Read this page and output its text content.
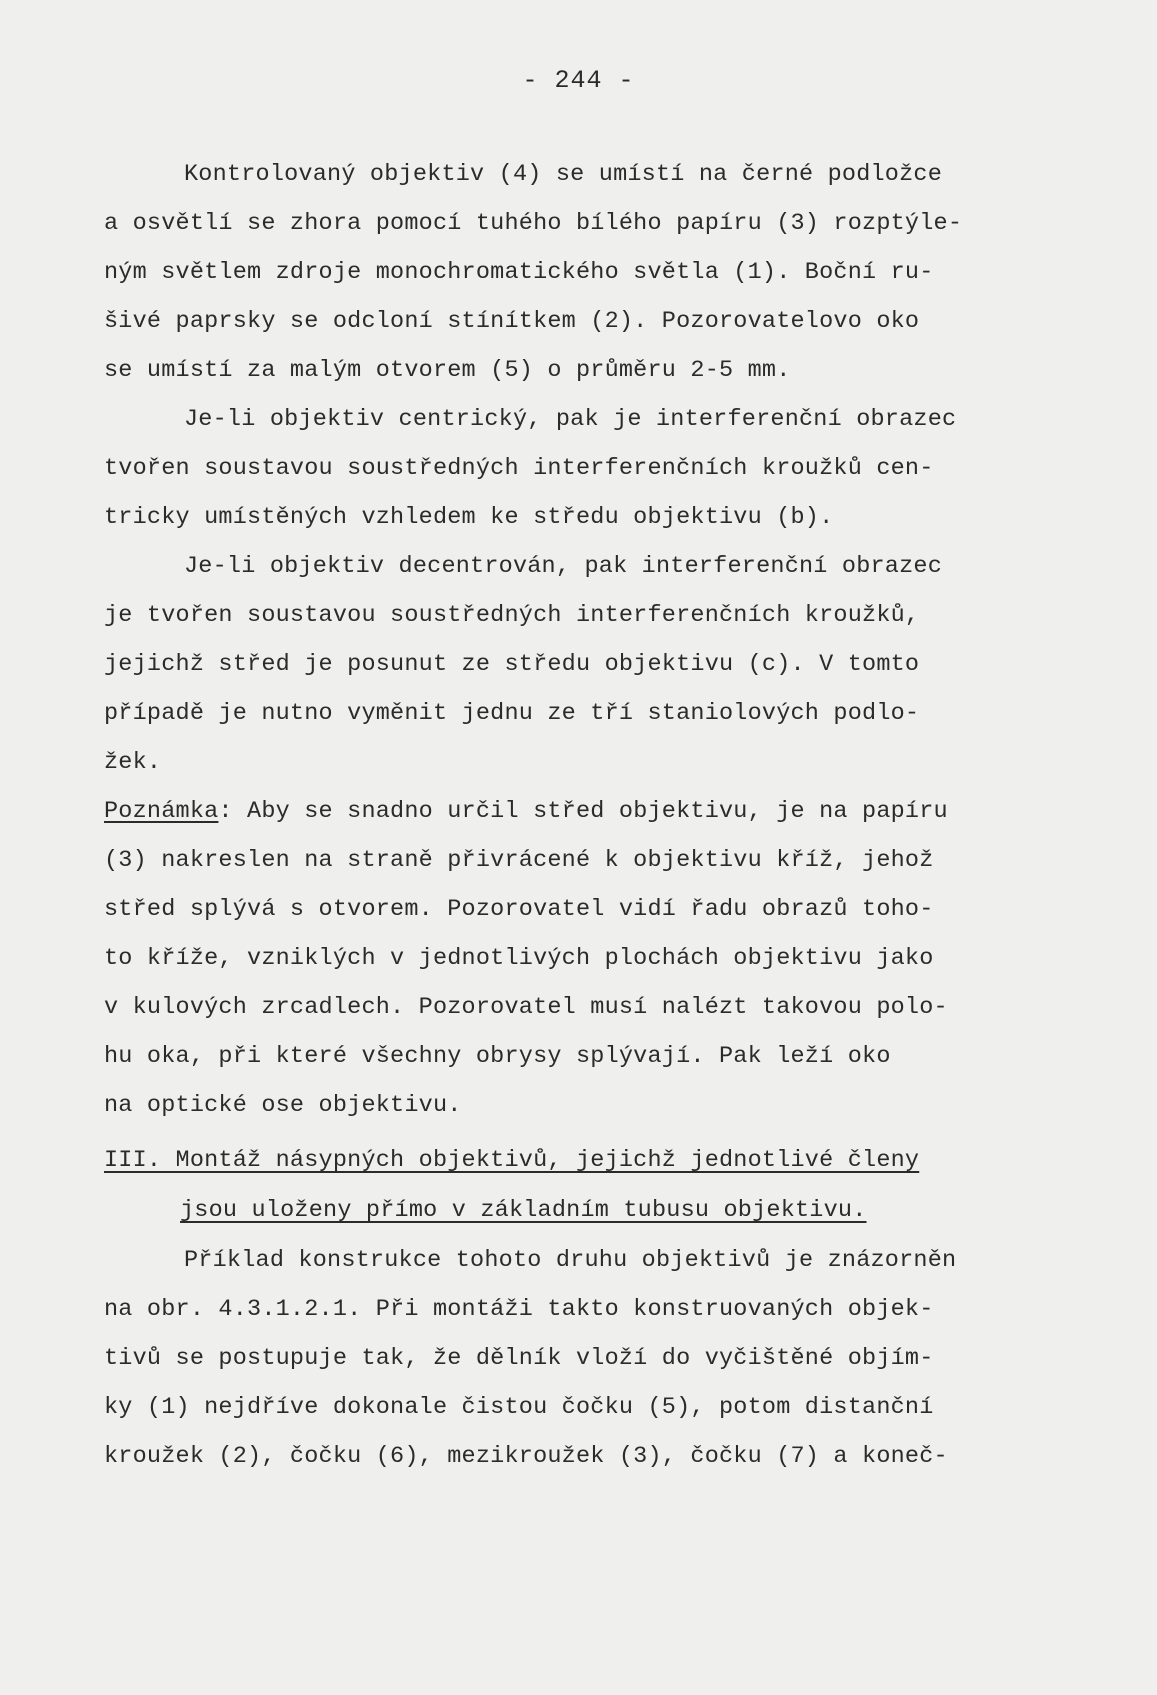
- 244 -
Kontrolovaný objektiv (4) se umístí na černé podložce
a osvětlí se zhora pomocí tuhého bílého papíru (3) rozptýle-
ným světlem zdroje monochromatického světla (1). Boční ru-
šivé paprsky se odcloní stínítkem (2). Pozorovatelovo oko
se umístí za malým otvorem (5) o průměru 2-5 mm.
Je-li objektiv centrický, pak je interferenční obrazec
tvořen soustavou soustředných interferenčních kroužků cen-
tricky umístěných vzhledem ke středu objektivu (b).
Je-li objektiv decentrován, pak interferenční obrazec
je tvořen soustavou soustředných interferenčních kroužků,
jejichž střed je posunut ze středu objektivu (c). V tomto
případě je nutno vyměnit jednu ze tří staniolových podlo-
žek.
Poznámka: Aby se snadno určil střed objektivu, je na papíru
(3) nakreslen na straně přivrácené k objektivu kříž, jehož
střed splývá s otvorem. Pozorovatel vidí řadu obrazů toho-
to kříže, vzniklých v jednotlivých plochách objektivu jako
v kulových zrcadlech. Pozorovatel musí nalézt takovou polo-
hu oka, při které všechny obrysy splývají. Pak leží oko
na optické ose objektivu.
III. Montáž násypných objektivů, jejichž jednotlivé členy
jsou uloženy přímo v základním tubusu objektivu.
Příklad konstrukce tohoto druhu objektivů je znázorněn
na obr. 4.3.1.2.1. Při montáži takto konstruovaných objek-
tivů se postupuje tak, že dělník vloží do vyčištěné objím-
ky (1) nejdříve dokonale čistou čočku (5), potom distanční
kroužek (2), čočku (6), mezikroužek (3), čočku (7) a koneč-
